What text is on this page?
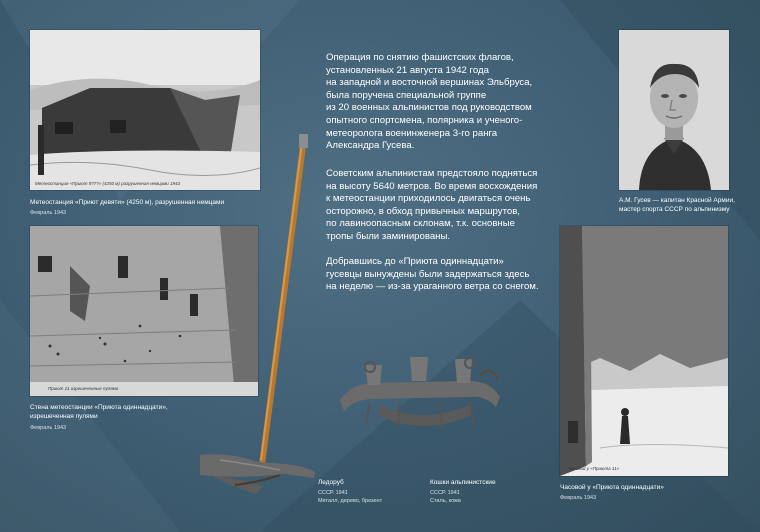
Метеостанция «Приют 9???» (4250 м) разрушенная немцами 1943
Метеостанция «Приют девяти» (4250 м), разрушенная немцами
Февраль 1943
Приют 11 изрешеченные пулями
Стена метеостанции «Приюта одиннадцати», изрешеченная пулями
Февраль 1943
Операция по снятию фашистских флагов,
установленных 21 августа 1942 года
на западной и восточной вершинах Эльбруса,
была поручена специальной группе
из 20 военных альпинистов под руководством
опытного спортсмена, полярника и ученого-
метеоролога военинженера 3-го ранга
Александра Гусева.
Советским альпинистам предстояло подняться
на высоту 5640 метров. Во время восхождения
к метеостанции приходилось двигаться очень
осторожно, в обход привычных маршрутов,
по лавиноопасным склонам, т.к. основные
тропы были заминированы.
Добравшись до «Приюта одиннадцати»
гусевцы вынуждены были задержаться здесь
на неделю — из-за ураганного ветра со снегом.
А.М. Гусев — капитан Красной Армии, мастер спорта СССР по альпинизму
Часовой у «Приюта 11»
Часовой у «Приюта одиннадцати»
Февраль 1943
Ледоруб
СССР. 1941
Металл, дерево, брезент
Кошки альпинистские
СССР. 1941
Сталь, кожа
